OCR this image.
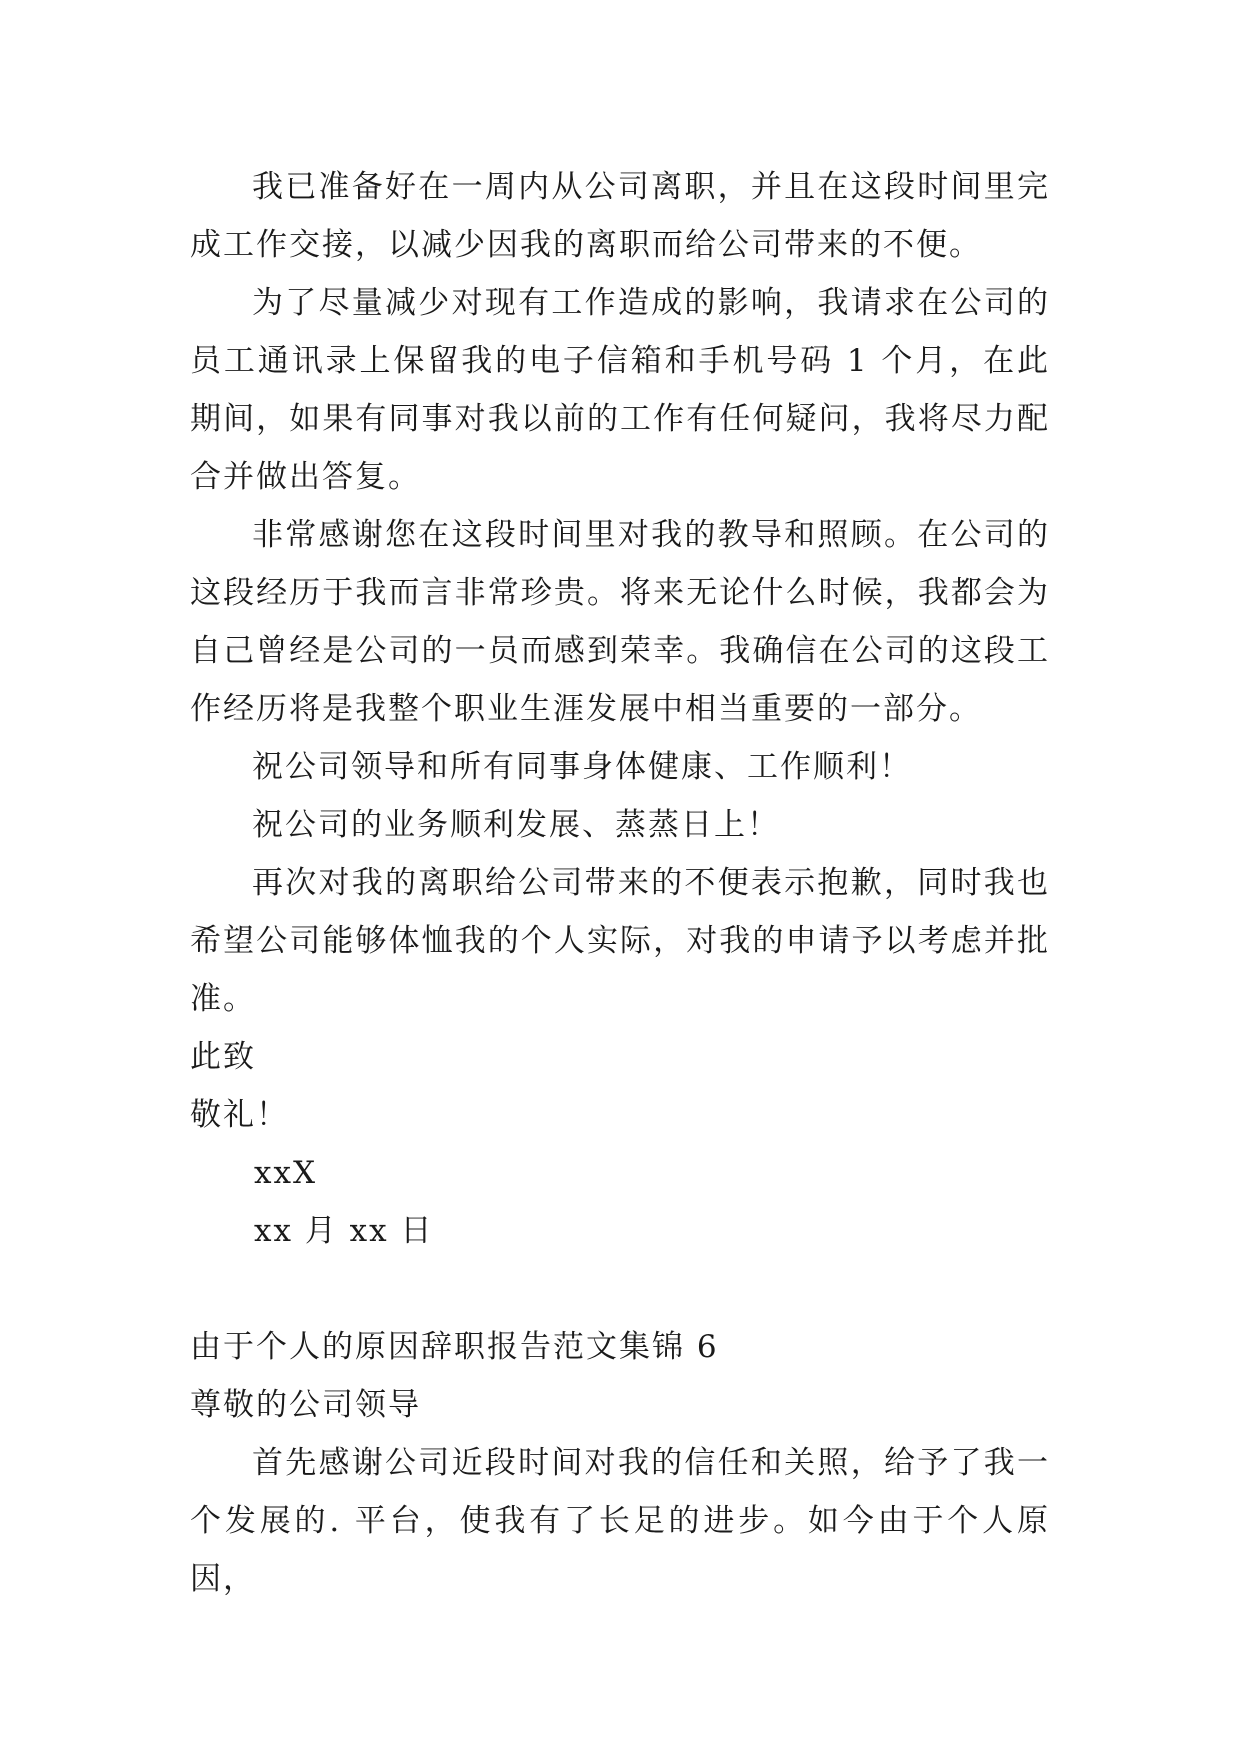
我已准备好在一周内从公司离职，并且在这段时间里完成工作交接，以减少因我的离职而给公司带来的不便。

为了尽量减少对现有工作造成的影响，我请求在公司的员工通讯录上保留我的电子信箱和手机号码 1 个月，在此期间，如果有同事对我以前的工作有任何疑问，我将尽力配合并做出答复。

非常感谢您在这段时间里对我的教导和照顾。在公司的这段经历于我而言非常珍贵。将来无论什么时候，我都会为自己曾经是公司的一员而感到荣幸。我确信在公司的这段工作经历将是我整个职业生涯发展中相当重要的一部分。

祝公司领导和所有同事身体健康、工作顺利！

祝公司的业务顺利发展、蒸蒸日上！

再次对我的离职给公司带来的不便表示抱歉，同时我也希望公司能够体恤我的个人实际，对我的申请予以考虑并批准。

此致

敬礼！

xxX

xx 月 xx 日

由于个人的原因辞职报告范文集锦 6

尊敬的公司领导

首先感谢公司近段时间对我的信任和关照，给予了我一个发展的. 平台，使我有了长足的进步。如今由于个人原因，
